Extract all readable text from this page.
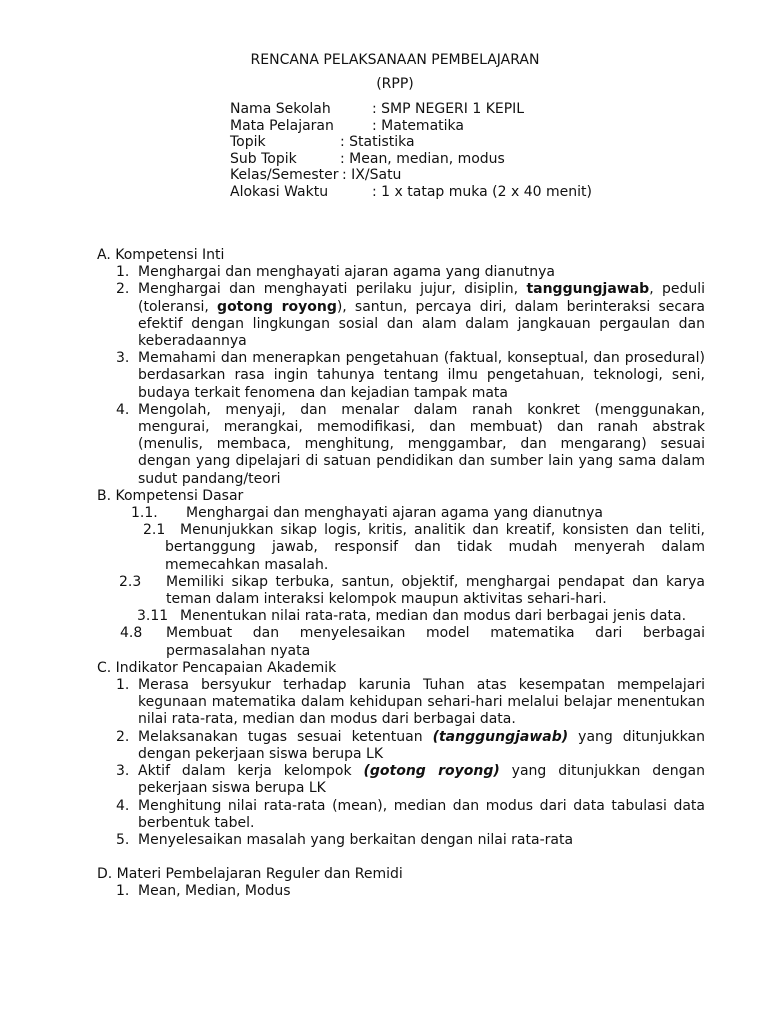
RENCANA PELAKSANAAN PEMBELAJARAN
(RPP)
Nama Sekolah	: SMP NEGERI 1 KEPIL
Mata Pelajaran	: Matematika
Topik	: Statistika
Sub Topik	: Mean, median, modus
Kelas/Semester : IX/Satu
Alokasi Waktu	: 1 x tatap muka (2 x 40 menit)
A. Kompetensi Inti
1. Menghargai dan menghayati ajaran agama yang dianutnya
2. Menghargai dan menghayati perilaku jujur, disiplin, tanggungjawab, peduli (toleransi, gotong royong), santun, percaya diri, dalam berinteraksi secara efektif dengan lingkungan sosial dan alam dalam jangkauan pergaulan dan keberadaannya
3. Memahami dan menerapkan pengetahuan (faktual, konseptual, dan prosedural) berdasarkan rasa ingin tahunya tentang ilmu pengetahuan, teknologi, seni, budaya terkait fenomena dan kejadian tampak mata
4. Mengolah, menyaji, dan menalar dalam ranah konkret (menggunakan, mengurai, merangkai, memodifikasi, dan membuat) dan ranah abstrak (menulis, membaca, menghitung, menggambar, dan mengarang) sesuai dengan yang dipelajari di satuan pendidikan dan sumber lain yang sama dalam sudut pandang/teori
B. Kompetensi Dasar
1.1. Menghargai dan menghayati ajaran agama yang dianutnya
2.1 Menunjukkan sikap logis, kritis, analitik dan kreatif, konsisten dan teliti, bertanggung jawab, responsif dan tidak mudah menyerah dalam memecahkan masalah.
2.3 Memiliki sikap terbuka, santun, objektif, menghargai pendapat dan karya teman dalam interaksi kelompok maupun aktivitas sehari-hari.
3.11 Menentukan nilai rata-rata, median dan modus dari berbagai jenis data.
4.8 Membuat dan menyelesaikan model matematika dari berbagai permasalahan nyata
C. Indikator Pencapaian Akademik
1. Merasa bersyukur terhadap karunia Tuhan atas kesempatan mempelajari kegunaan matematika dalam kehidupan sehari-hari melalui belajar menentukan nilai rata-rata, median dan modus dari berbagai data.
2. Melaksanakan tugas sesuai ketentuan (tanggungjawab) yang ditunjukkan dengan pekerjaan siswa berupa LK
3. Aktif dalam kerja kelompok (gotong royong) yang ditunjukkan dengan pekerjaan siswa berupa LK
4. Menghitung nilai rata-rata (mean), median dan modus dari data tabulasi data berbentuk tabel.
5. Menyelesaikan masalah yang berkaitan dengan nilai rata-rata
D. Materi Pembelajaran Reguler dan Remidi
1. Mean, Median, Modus
